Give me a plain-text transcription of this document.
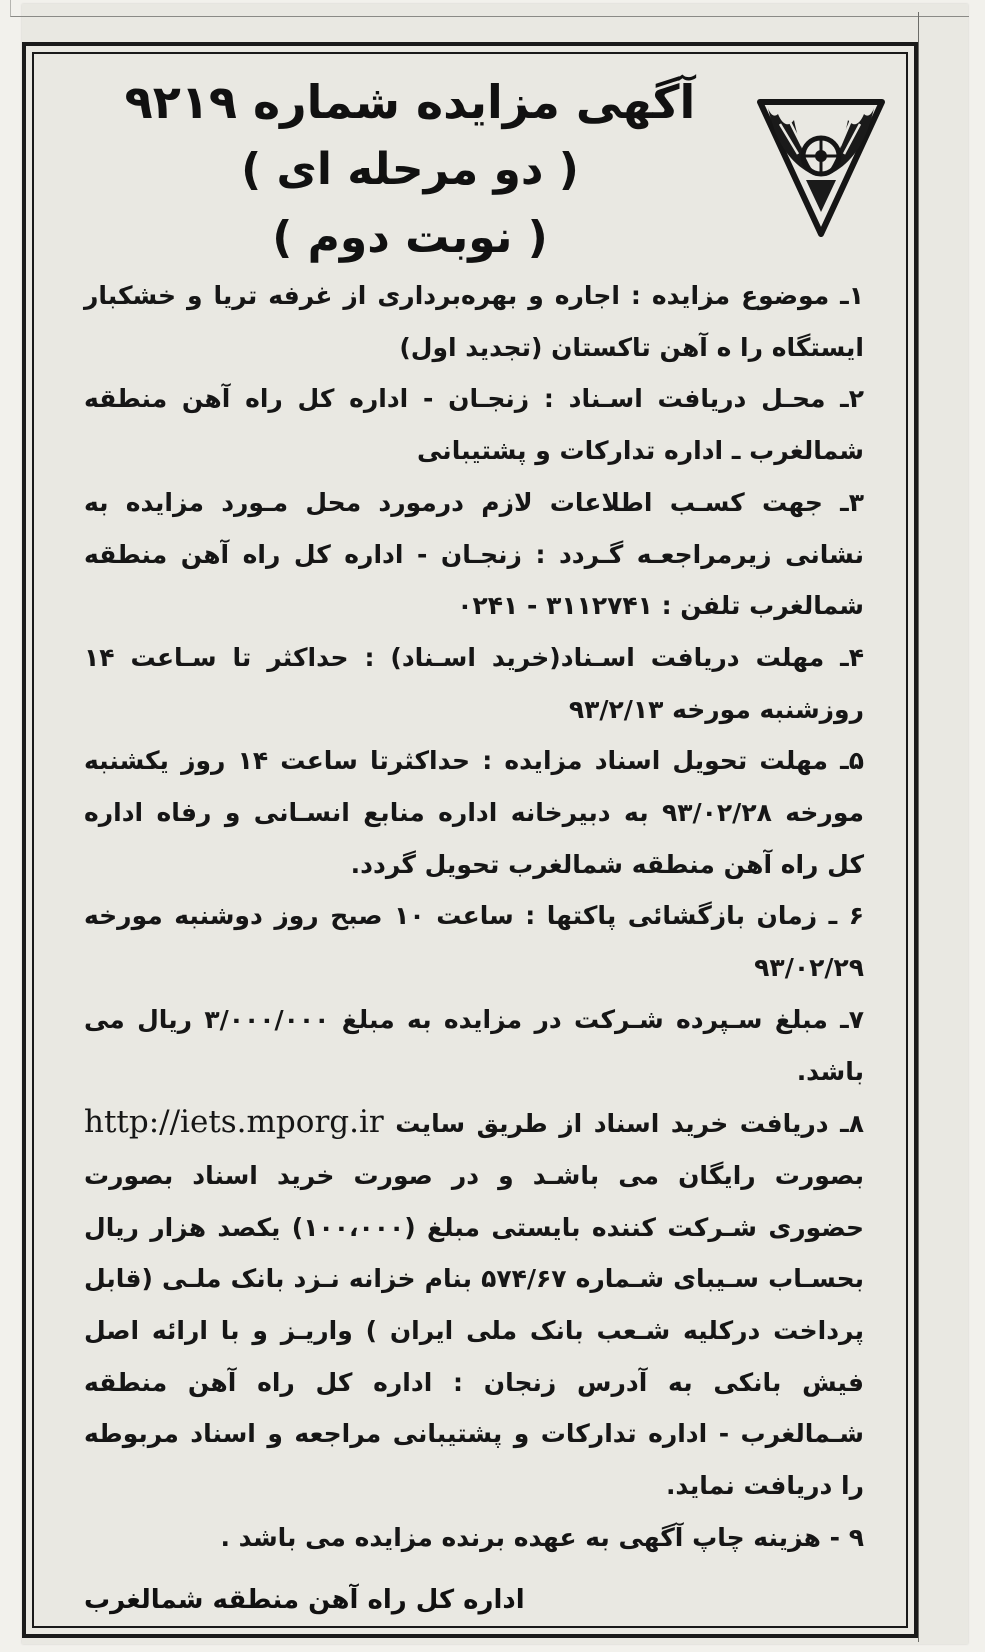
آگهی مزایده شماره ۹۲۱۹
( دو مرحله ای )
( نوبت دوم )

۱ـ موضوع مزایده : اجاره و بهره‌برداری از غرفه تریا و خشکبار ایستگاه را ه آهن تاکستان (تجدید اول)

۲ـ محـل دریافت اسـناد : زنجـان - اداره کل راه آهن منطقه شمالغرب ـ اداره تدارکات و پشتیبانی

۳ـ جهت کسـب اطلاعات لازم درمورد محل مـورد مزایده به نشانی زیرمراجعـه گـردد : زنجـان - اداره کل راه آهن منطقه شمالغرب تلفن : ۳۱۱۲۷۴۱ - ۰۲۴۱

۴ـ مهلت دریافت اسـناد(خرید اسـناد) : حداکثر تا سـاعت ۱۴ روزشنبه مورخه ۹۳/۲/۱۳

۵ـ مهلت تحویل اسناد مزایده : حداکثرتا ساعت ۱۴ روز یکشنبه مورخه ۹۳/۰۲/۲۸ به دبیرخانه اداره منابع انسـانی و رفاه اداره کل راه آهن منطقه شمالغرب تحویل گردد.

۶ ـ زمان بازگشائی پاکتها : ساعت ۱۰ صبح روز دوشنبه مورخه ۹۳/۰۲/۲۹

۷ـ مبلغ سـپرده شـرکت در مزایده به مبلغ ۳/۰۰۰/۰۰۰ ریال می باشد.

۸ـ دریافت خرید اسناد از طریق سایت http://iets.mporg.ir بصورت رایگان می باشـد و در صورت خرید اسناد بصورت حضوری شـرکت کننده بایستی مبلغ (۱۰۰،۰۰۰) یکصد هزار ریال بحسـاب سـیبای شـماره ۵۷۴/۶۷ بنام خزانه نـزد بانک ملـی (قابل پرداخت درکلیه شـعب بانک ملی ایران ) واریـز و با ارائه اصل فیش بانکی به آدرس زنجان : اداره کل راه آهن منطقه شـمالغرب - اداره تدارکات و پشتیبانی مراجعه و اسناد مربوطه را دریافت نماید.

۹ - هزینه چاپ آگهی به عهده برنده مزایده می باشد .

اداره کل راه آهن منطقه شمالغرب
